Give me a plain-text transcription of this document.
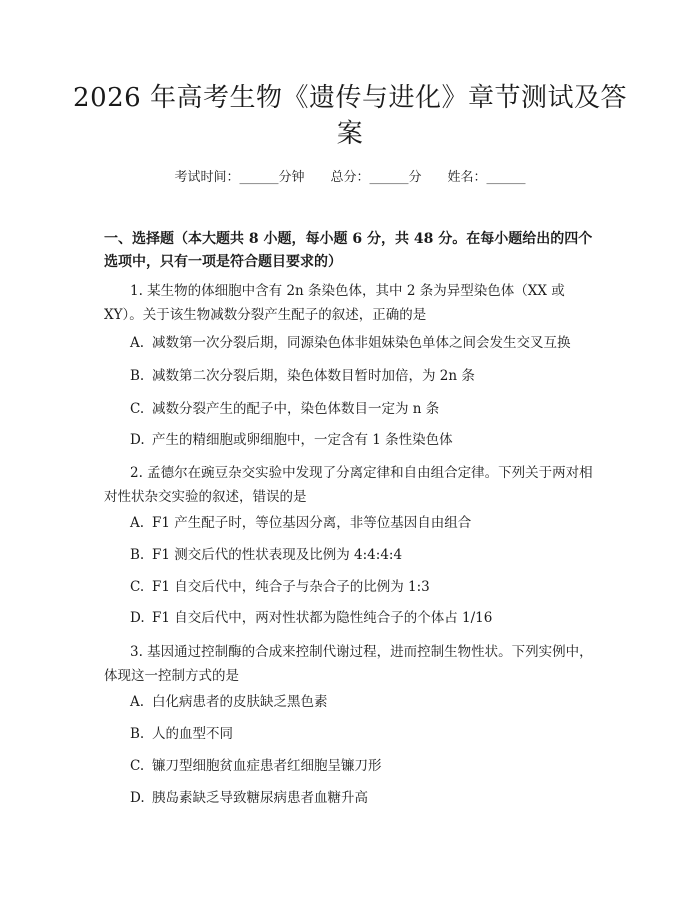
2026 年高考生物《遗传与进化》章节测试及答案
考试时间：______分钟 总分：______分 姓名：______
一、选择题（本大题共 8 小题，每小题 6 分，共 48 分。在每小题给出的四个选项中，只有一项是符合题目要求的）
1. 某生物的体细胞中含有 2n 条染色体，其中 2 条为异型染色体（XX 或 XY）。关于该生物减数分裂产生配子的叙述，正确的是
A. 减数第一次分裂后期，同源染色体非姐妹染色单体之间会发生交叉互换
B. 减数第二次分裂后期，染色体数目暂时加倍，为 2n 条
C. 减数分裂产生的配子中，染色体数目一定为 n 条
D. 产生的精细胞或卵细胞中，一定含有 1 条性染色体
2. 孟德尔在豌豆杂交实验中发现了分离定律和自由组合定律。下列关于两对相对性状杂交实验的叙述，错误的是
A. F1 产生配子时，等位基因分离，非等位基因自由组合
B. F1 测交后代的性状表现及比例为 4:4:4:4
C. F1 自交后代中，纯合子与杂合子的比例为 1:3
D. F1 自交后代中，两对性状都为隐性纯合子的个体占 1/16
3. 基因通过控制酶的合成来控制代谢过程，进而控制生物性状。下列实例中，体现这一控制方式的是
A. 白化病患者的皮肤缺乏黑色素
B. 人的血型不同
C. 镰刀型细胞贫血症患者红细胞呈镰刀形
D. 胰岛素缺乏导致糖尿病患者血糖升高
